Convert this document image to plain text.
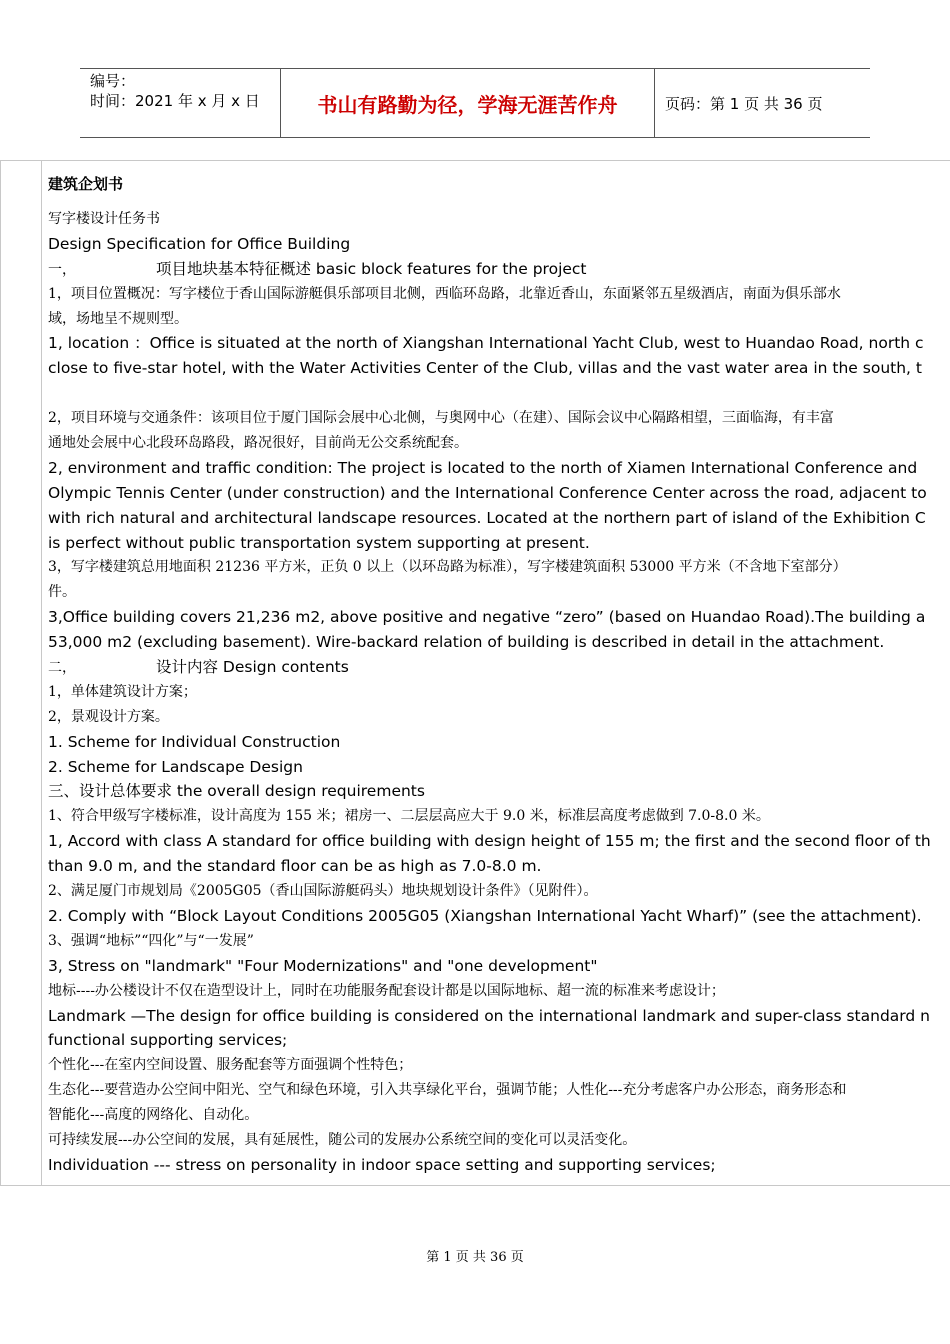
编号：
时间：2021 年 x 月 x 日	书山有路勤为径，学海无涯苦作舟	页码：第 1 页 共 36 页
建筑企划书
写字楼设计任务书
Design Specification for Office Building
一，	项目地块基本特征概述 basic block features for the project
1，项目位置概况：写字楼位于香山国际游艇俱乐部项目北侧，西临环岛路，北靠近香山，东面紧邻五星级酒店，南面为俱乐部水
域，场地呈不规则型。
1, location ：Office is situated at the north of Xiangshan International Yacht Club, west to Huandao Road, north c
close to five-star hotel, with the Water Activities Center of the Club, villas and the vast water area in the south, t
2，项目环境与交通条件：该项目位于厦门国际会展中心北侧，与奥网中心（在建）、国际会议中心隔路相望，三面临海，有丰富
通地处会展中心北段环岛路段，路况很好，目前尚无公交系统配套。
2, environment and traffic condition: The project is located to the north of Xiamen International Conference and
Olympic Tennis Center (under construction) and the International Conference Center across the road, adjacent to
with rich natural and architectural landscape resources. Located at the northern part of island of the Exhibition C
is perfect without public transportation system supporting at present.
3，写字楼建筑总用地面积 21236 平方米，正负 0 以上（以环岛路为标准），写字楼建筑面积 53000 平方米（不含地下室部分）
件。
3,Office building covers 21,236 m2, above positive and negative “zero” (based on Huandao Road).The building a
53,000 m2 (excluding basement). Wire-backard relation of building is described in detail in the attachment.
二，	设计内容 Design contents
1，单体建筑设计方案；
2，景观设计方案。
1. Scheme for Individual Construction
2. Scheme for Landscape Design
三、设计总体要求 the overall design requirements
1、符合甲级写字楼标准，设计高度为 155 米；裙房一、二层层高应大于 9.0 米，标准层高度考虑做到 7.0-8.0 米。
1, Accord with class A standard for office building with design height of 155 m; the first and the second floor of th
than 9.0 m, and the standard floor can be as high as 7.0-8.0 m.
2、满足厦门市规划局《2005G05（香山国际游艇码头）地块规划设计条件》（见附件）。
2. Comply with “Block Layout Conditions 2005G05 (Xiangshan International Yacht Wharf)” (see the attachment).
3、强调“地标”“四化”与“一发展”
3, Stress on "landmark" "Four Modernizations" and "one development"
地标----办公楼设计不仅在造型设计上，同时在功能服务配套设计都是以国际地标、超一流的标准来考虑设计；
Landmark —The design for office building is considered on the international landmark and super-class standard n
functional supporting services;
个性化---在室内空间设置、服务配套等方面强调个性特色；
生态化---要营造办公空间中阳光、空气和绿色环境，引入共享绿化平台，强调节能；人性化---充分考虑客户办公形态，商务形态和
智能化---高度的网络化、自动化。
可持续发展---办公空间的发展，具有延展性，随公司的发展办公系统空间的变化可以灵活变化。
Individuation --- stress on personality in indoor space setting and supporting services;
第 1 页 共 36 页
